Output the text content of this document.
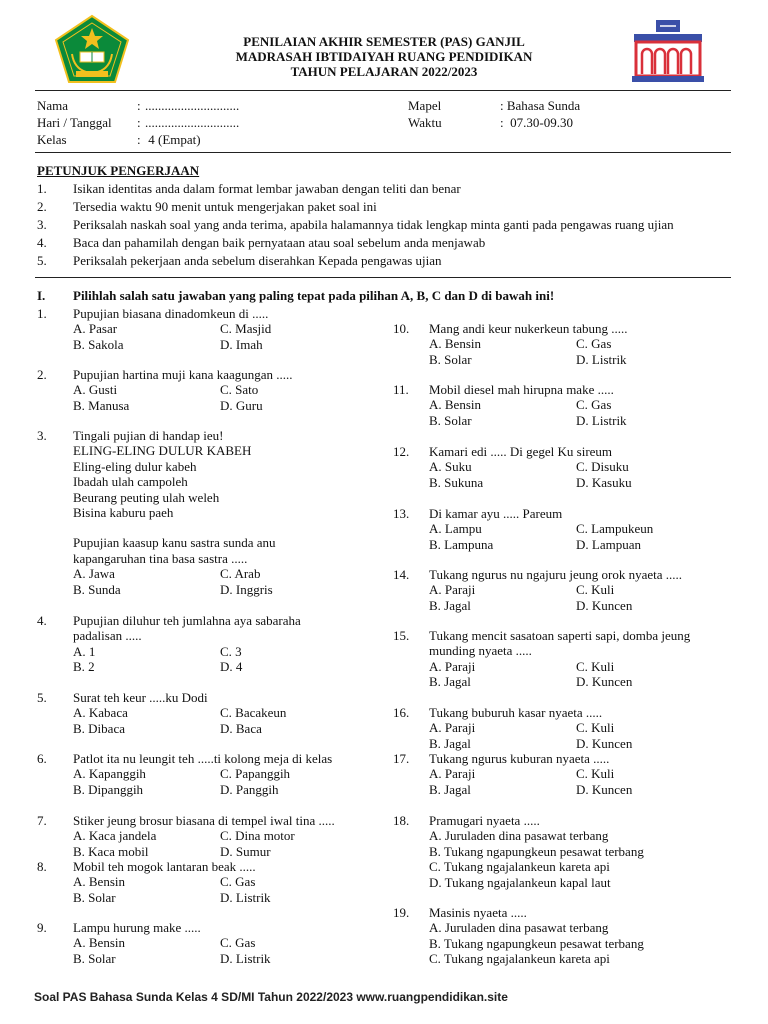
PENILAIAN AKHIR SEMESTER (PAS) GANJIL
MADRASAH IBTIDAIYAH RUANG PENDIDIKAN
TAHUN PELAJARAN 2022/2023
Nama	: .............................	Mapel	: Bahasa Sunda
Hari / Tanggal : .............................	Waktu	:  07.30-09.30
Kelas	: 4 (Empat)
PETUNJUK PENGERJAAN
1. Isikan identitas anda dalam format lembar jawaban dengan teliti dan benar
2. Tersedia waktu 90 menit untuk mengerjakan paket soal ini
3. Periksalah naskah soal yang anda terima, apabila halamannya tidak lengkap minta ganti pada pengawas ruang ujian
4. Baca dan pahamilah dengan baik pernyataan atau soal sebelum anda menjawab
5. Periksalah pekerjaan anda sebelum diserahkan Kepada pengawas ujian
I. Pilihlah salah satu jawaban yang paling tepat pada pilihan A, B, C dan D di bawah ini!
1. Pupujian biasana dinadomkeun di .....
A. Pasar	C. Masjid
B. Sakola	D. Imah
2. Pupujian hartina muji kana kaagungan .....
A. Gusti	C. Sato
B. Manusa	D. Guru
3. Tingali pujian di handap ieu!
ELING-ELING DULUR KABEH
Eling-eling dulur kabeh
Ibadah ulah campoleh
Beurang peuting ulah weleh
Bisina kaburu paeh
Pupujian kaasup kanu sastra sunda anu
kapangaruhan tina basa sastra .....
A. Jawa	C. Arab
B. Sunda	D. Inggris
4. Pupujian diluhur teh jumlahna aya sabaraha
padalisan .....
A. 1	C. 3
B. 2	D. 4
5. Surat teh keur .....ku Dodi
A. Kabaca	C. Bacakeun
B. Dibaca	D. Baca
6. Patlot ita nu leungit teh .....ti kolong meja di kelas
A. Kapanggih	C. Papanggih
B. Dipanggih	D. Panggih
7. Stiker jeung brosur biasana di tempel iwal tina .....
A. Kaca jandela	C. Dina motor
B. Kaca mobil	D. Sumur
8. Mobil teh mogok lantaran beak .....
A. Bensin	C. Gas
B. Solar	D. Listrik
9. Lampu hurung make .....
A. Bensin	C. Gas
B. Solar	D. Listrik
10. Mang andi keur nukerkeun tabung .....
A. Bensin	C. Gas
B. Solar	D. Listrik
11. Mobil diesel mah hirupna make .....
A. Bensin	C. Gas
B. Solar	D. Listrik
12. Kamari edi ..... Di gegel Ku sireum
A. Suku	C. Disuku
B. Sukuna	D. Kasuku
13. Di kamar ayu ..... Pareum
A. Lampu	C. Lampukeun
B. Lampuna	D. Lampuan
14. Tukang ngurus nu ngajuru jeung orok nyaeta .....
A. Paraji	C. Kuli
B. Jagal	D. Kuncen
15. Tukang mencit sasatoan saperti sapi, domba jeung
munding nyaeta .....
A. Paraji	C. Kuli
B. Jagal	D. Kuncen
16. Tukang buburuh kasar nyaeta .....
A. Paraji	C. Kuli
B. Jagal	D. Kuncen
17. Tukang ngurus kuburan nyaeta .....
A. Paraji	C. Kuli
B. Jagal	D. Kuncen
18. Pramugari nyaeta .....
A. Juruladen dina pasawat terbang
B. Tukang ngapungkeun pesawat terbang
C. Tukang ngajalankeun kareta api
D. Tukang ngajalankeun kapal laut
19. Masinis nyaeta .....
A. Juruladen dina pasawat terbang
B. Tukang ngapungkeun pesawat terbang
C. Tukang ngajalankeun kareta api
Soal PAS Bahasa Sunda Kelas 4 SD/MI Tahun 2022/2023 www.ruangpendidikan.site
